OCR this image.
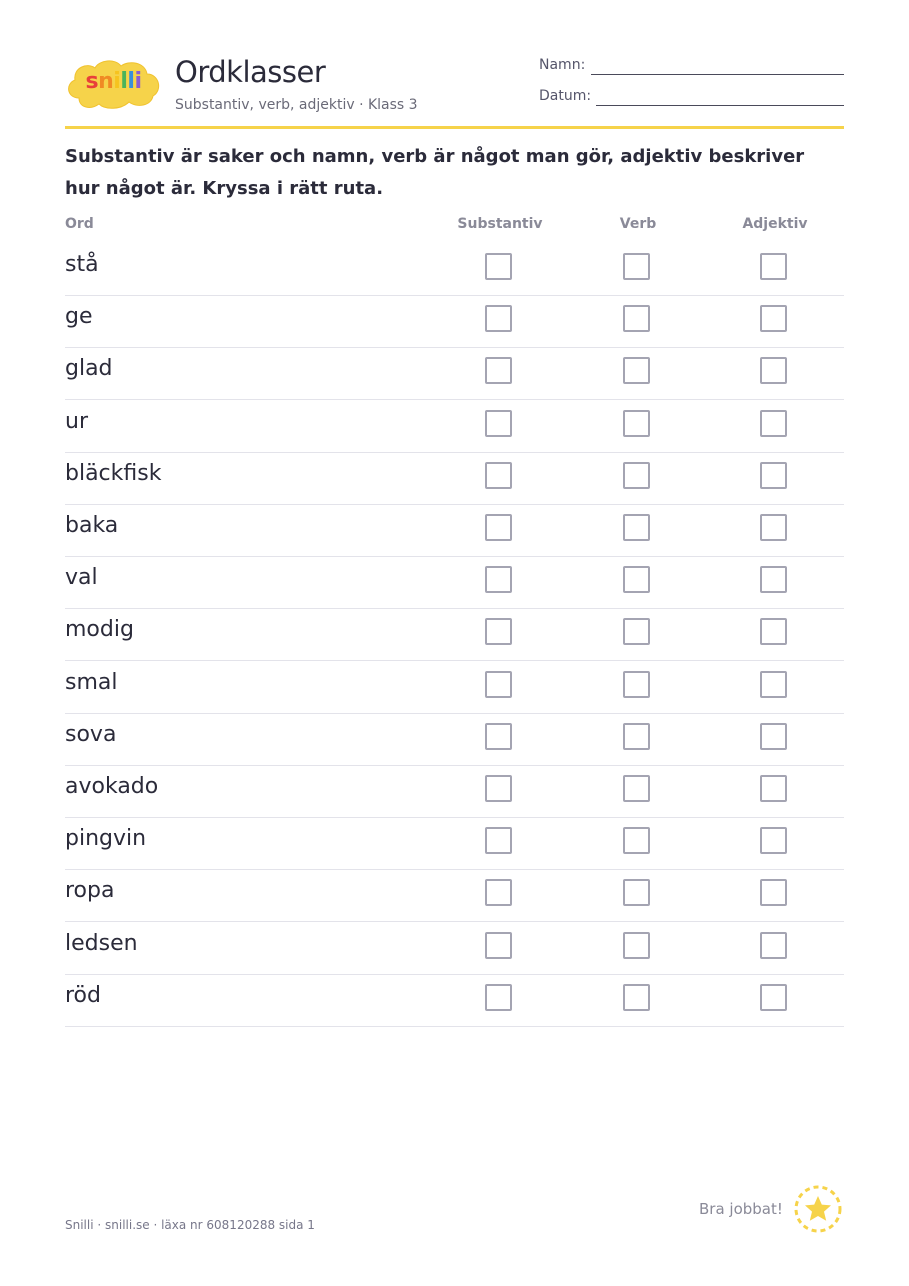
snilli	Ordklasser
Substantiv, verb, adjektiv · Klass 3
Namn:
Datum:
Substantiv är saker och namn, verb är något man gör, adjektiv beskriver hur något är. Kryssa i rätt ruta.
Ord	Substantiv	Verb	Adjektiv
stå
ge
glad
ur
bläckfisk
baka
val
modig
smal
sova
avokado
pingvin
ropa
ledsen
röd
Snilli · snilli.se · läxa nr 608120288 sida 1
Bra jobbat!
